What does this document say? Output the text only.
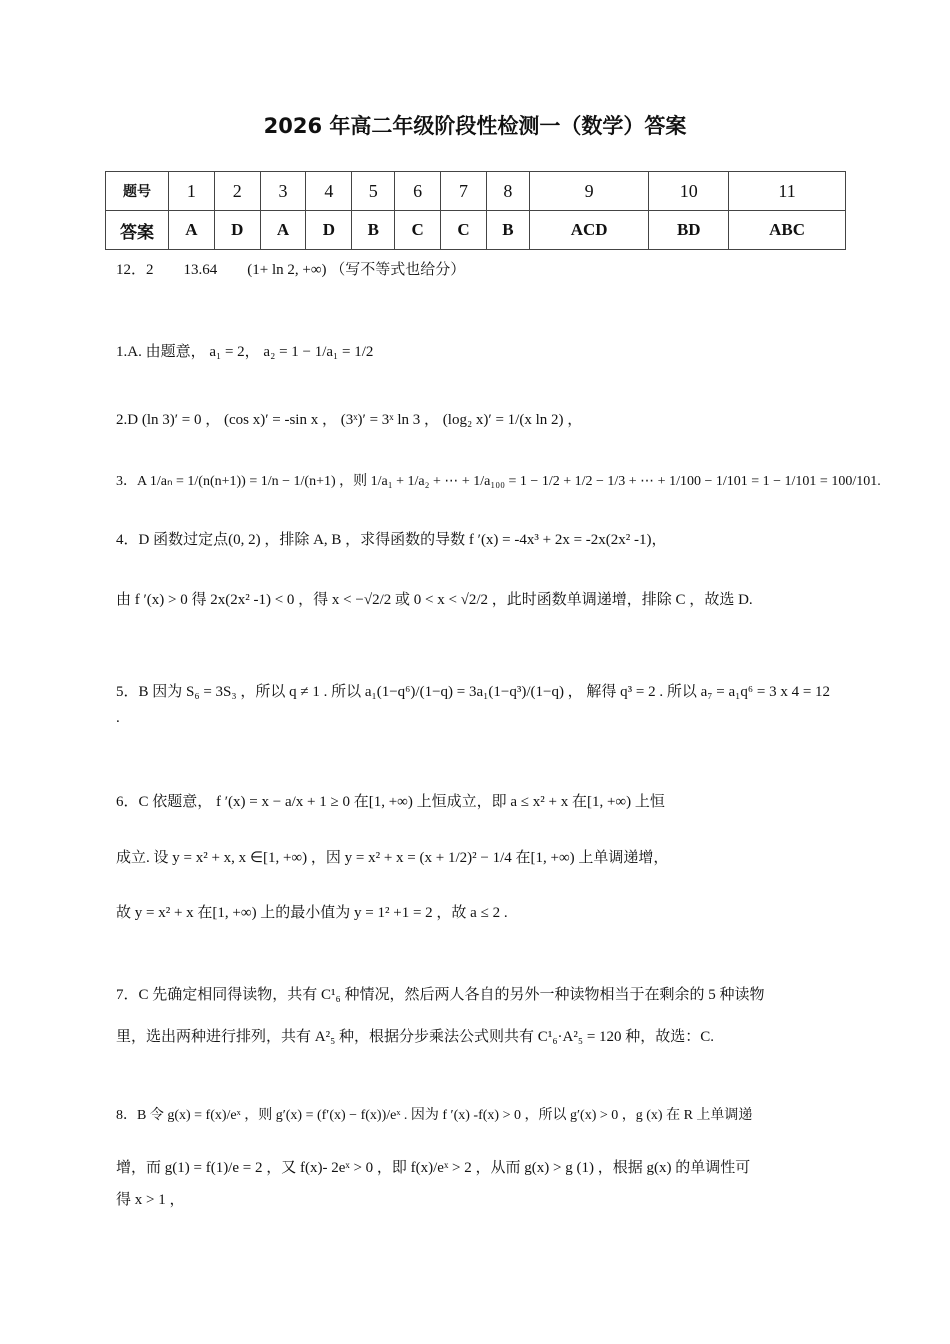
2026 年高二年级阶段性检测一（数学）答案
题号	1	2	3	4	5	6	7	8	9	10	11
答案	A	D	A	D	B	C	C	B	ACD	BD	ABC
12．2　　13.64　　(1+ ln 2, +∞) （写不等式也给分）
1.A. 由题意， a₁ = 2， a₂ = 1 − 1/a₁ = 1/2
2.D (ln 3)′ = 0 ， (cos x)′ = -sin x ， (3ˣ)′ = 3ˣ ln 3 ， (log₂ x)′ = 1/(x ln 2) ，
3．A 1/aₙ = 1/(n(n+1)) = 1/n − 1/(n+1) ，则 1/a₁ + 1/a₂ + ⋯ + 1/a₁₀₀ = 1 − 1/2 + 1/2 − 1/3 + ⋯ + 1/100 − 1/101 = 1 − 1/101 = 100/101.
4．D 函数过定点(0, 2) ，排除 A, B ，求得函数的导数 f ′(x) = -4x³ + 2x = -2x(2x² -1)，
由 f ′(x) > 0 得 2x(2x² -1) < 0 ，得 x < −√2/2 或 0 < x < √2/2 ，此时函数单调递增，排除 C ，故选 D.
5．B 因为 S₆ = 3S₃ ，所以 q ≠ 1 . 所以 a₁(1−q⁶)/(1−q) = 3a₁(1−q³)/(1−q) ， 解得 q³ = 2 . 所以 a₇ = a₁q⁶ = 3 x 4 = 12
.
6．C 依题意， f ′(x) = x − a/x + 1 ≥ 0 在[1, +∞) 上恒成立，即 a ≤ x² + x 在[1, +∞) 上恒
成立. 设 y = x² + x, x ∈[1, +∞) ，因 y = x² + x = (x + 1/2)² − 1/4 在[1, +∞) 上单调递增，
故 y = x² + x 在[1, +∞) 上的最小值为 y = 1² +1 = 2 ，故 a ≤ 2 .
7．C 先确定相同得读物，共有 C¹₆ 种情况，然后两人各自的另外一种读物相当于在剩余的 5 种读物
里，选出两种进行排列，共有 A²₅ 种，根据分步乘法公式则共有 C¹₆·A²₅ = 120 种，故选：C.
8．B 令 g(x) = f(x)/eˣ ，则 g′(x) = (f′(x) − f(x))/eˣ . 因为 f ′(x) -f(x) > 0 ，所以 g′(x) > 0 ，g (x) 在 R 上单调递
增，而 g(1) = f(1)/e = 2 ，又 f(x)- 2eˣ > 0 ，即 f(x)/eˣ > 2 ，从而 g(x) > g (1) ，根据 g(x) 的单调性可
得 x > 1 ，
